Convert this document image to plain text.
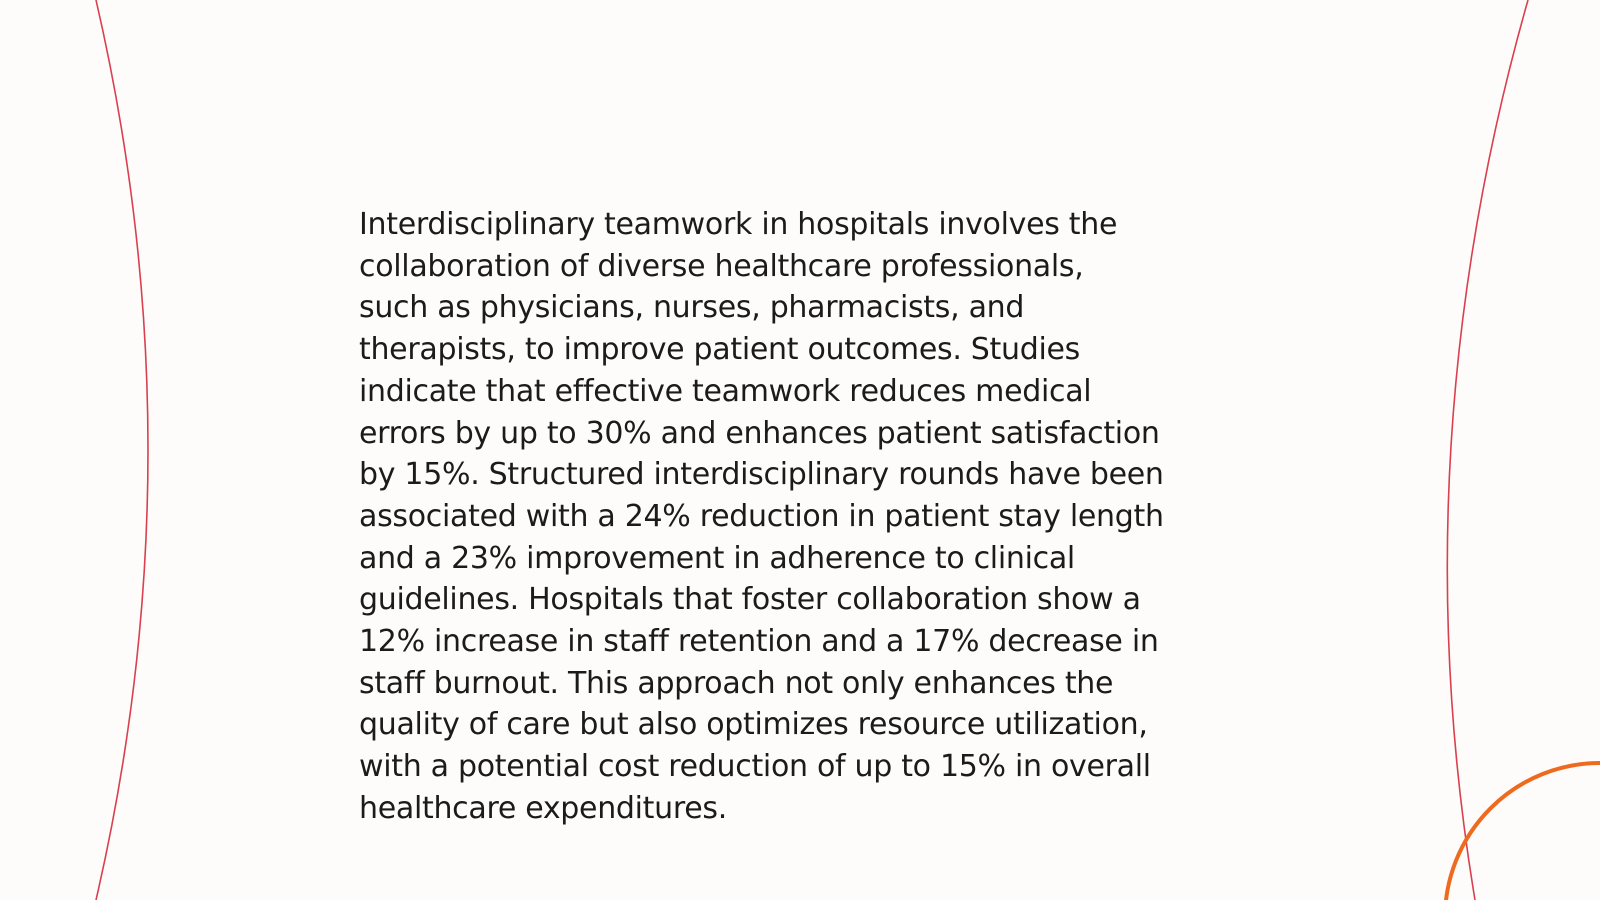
Interdisciplinary teamwork in hospitals involves the
collaboration of diverse healthcare professionals,
such as physicians, nurses, pharmacists, and
therapists, to improve patient outcomes. Studies
indicate that effective teamwork reduces medical
errors by up to 30% and enhances patient satisfaction
by 15%. Structured interdisciplinary rounds have been
associated with a 24% reduction in patient stay length
and a 23% improvement in adherence to clinical
guidelines. Hospitals that foster collaboration show a
12% increase in staff retention and a 17% decrease in
staff burnout. This approach not only enhances the
quality of care but also optimizes resource utilization,
with a potential cost reduction of up to 15% in overall
healthcare expenditures.
